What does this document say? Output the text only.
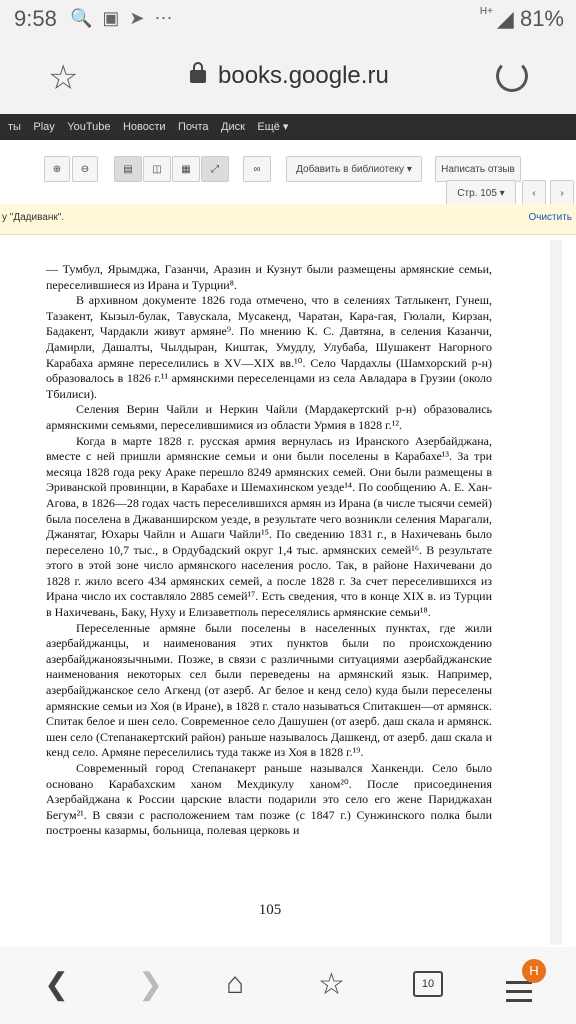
9:58 🔍▣➤⋯	$^{H+}$ ◢ 81%
☆	books.google.ru
ты Play YouTube Новости Почта Диск Ещё ▾
⊕	⊖	▤	◫	▦	⤢	∞	Добавить в библиотеку ▾	Написать отзыв
Стр. 105 ▾	‹	›
у "Дадиванк".	Очистить

— Тумбул, Ярымджа, Газанчи, Аразин и Кузнут были размещены армянские семьи, переселившиеся из Ирана и Турции⁸.

В архивном документе 1826 года отмечено, что в селениях Татлыкент, Гунеш, Тазакент, Кызыл-булак, Тавускала, Мусакенд, Чаратан, Кара-гая, Гюлали, Кирзан, Бадакент, Чардакли живут армяне⁹. По мнению К. С. Давтяна, в селения Казанчи, Дамирли, Дашалты, Чылдыран, Киштак, Умудлу, Улубаба, Шушакент Нагорного Карабаха армяне переселились в XV—XIX вв.¹⁰. Село Чардахлы (Шамхорский р-н) образовалось в 1826 г.¹¹ армянскими переселенцами из села Авладара в Грузии (около Тбилиси).

Селения Верин Чайли и Неркин Чайли (Мардакертский р-н) образовались армянскими семьями, переселившимися из области Урмия в 1828 г.¹².

Когда в марте 1828 г. русская армия вернулась из Иранского Азербайджана, вместе с ней пришли армянские семьи и они были поселены в Карабахе¹³. За три месяца 1828 года реку Араке перешло 8249 армянских семей. Они были размещены в Эриванской провинции, в Карабахе и Шемахинском уезде¹⁴. По сообщению А. Е. Хан-Агова, в 1826—28 годах часть переселившихся армян из Ирана (в числе тысячи семей) была поселена в Джаванширском уезде, в результате чего возникли селения Марагали, Джанятаг, Юхары Чайли и Ашаги Чайли¹⁵. По сведению 1831 г., в Нахичевань было переселено 10,7 тыс., в Ордубадский округ 1,4 тыс. армянских семей¹⁶. В результате этого в этой зоне число армянского населения росло. Так, в районе Нахичевани до 1828 г. жило всего 434 армянских семей, а после 1828 г. За счет переселившихся из Ирана число их составляло 2885 семей¹⁷. Есть сведения, что в конце XIX в. из Турции в Нахичевань, Баку, Нуху и Елизаветполь переселялись армянские семьи¹⁸.

Переселенные армяне были поселены в населенных пунктах, где жили азербайджанцы, и наименования этих пунктов были по происхождению азербайджаноязычными. Позже, в связи с различными ситуациями азербайджанские наименования некоторых сел были переведены на армянский язык. Например, азербайджанское село Агкенд (от азерб. Аг белое и кенд село) куда были переселены армянские семьи из Хоя (в Иране), в 1828 г. стало называться Спитакшен—от армянск. Спитак белое и шен село. Современное село Дашушен (от азерб. даш скала и армянск. шен село (Степанакертский район) раньше называлось Дашкенд, от азерб. даш скала и кенд село. Армяне переселились туда также из Хоя в 1828 г.¹⁹.

Современный город Степанакерт раньше назывался Ханкенди. Село было основано Карабахским ханом Мехдикулу ханом²⁰. После присоединения Азербайджана к России царские власти подарили это село его жене Париджахан Бегум²¹. В связи с расположением там позже (с 1847 г.) Сунжинского полка были построены казармы, больница, полевая церковь и

105
❮ ❯ ⌂ ☆	10
H
